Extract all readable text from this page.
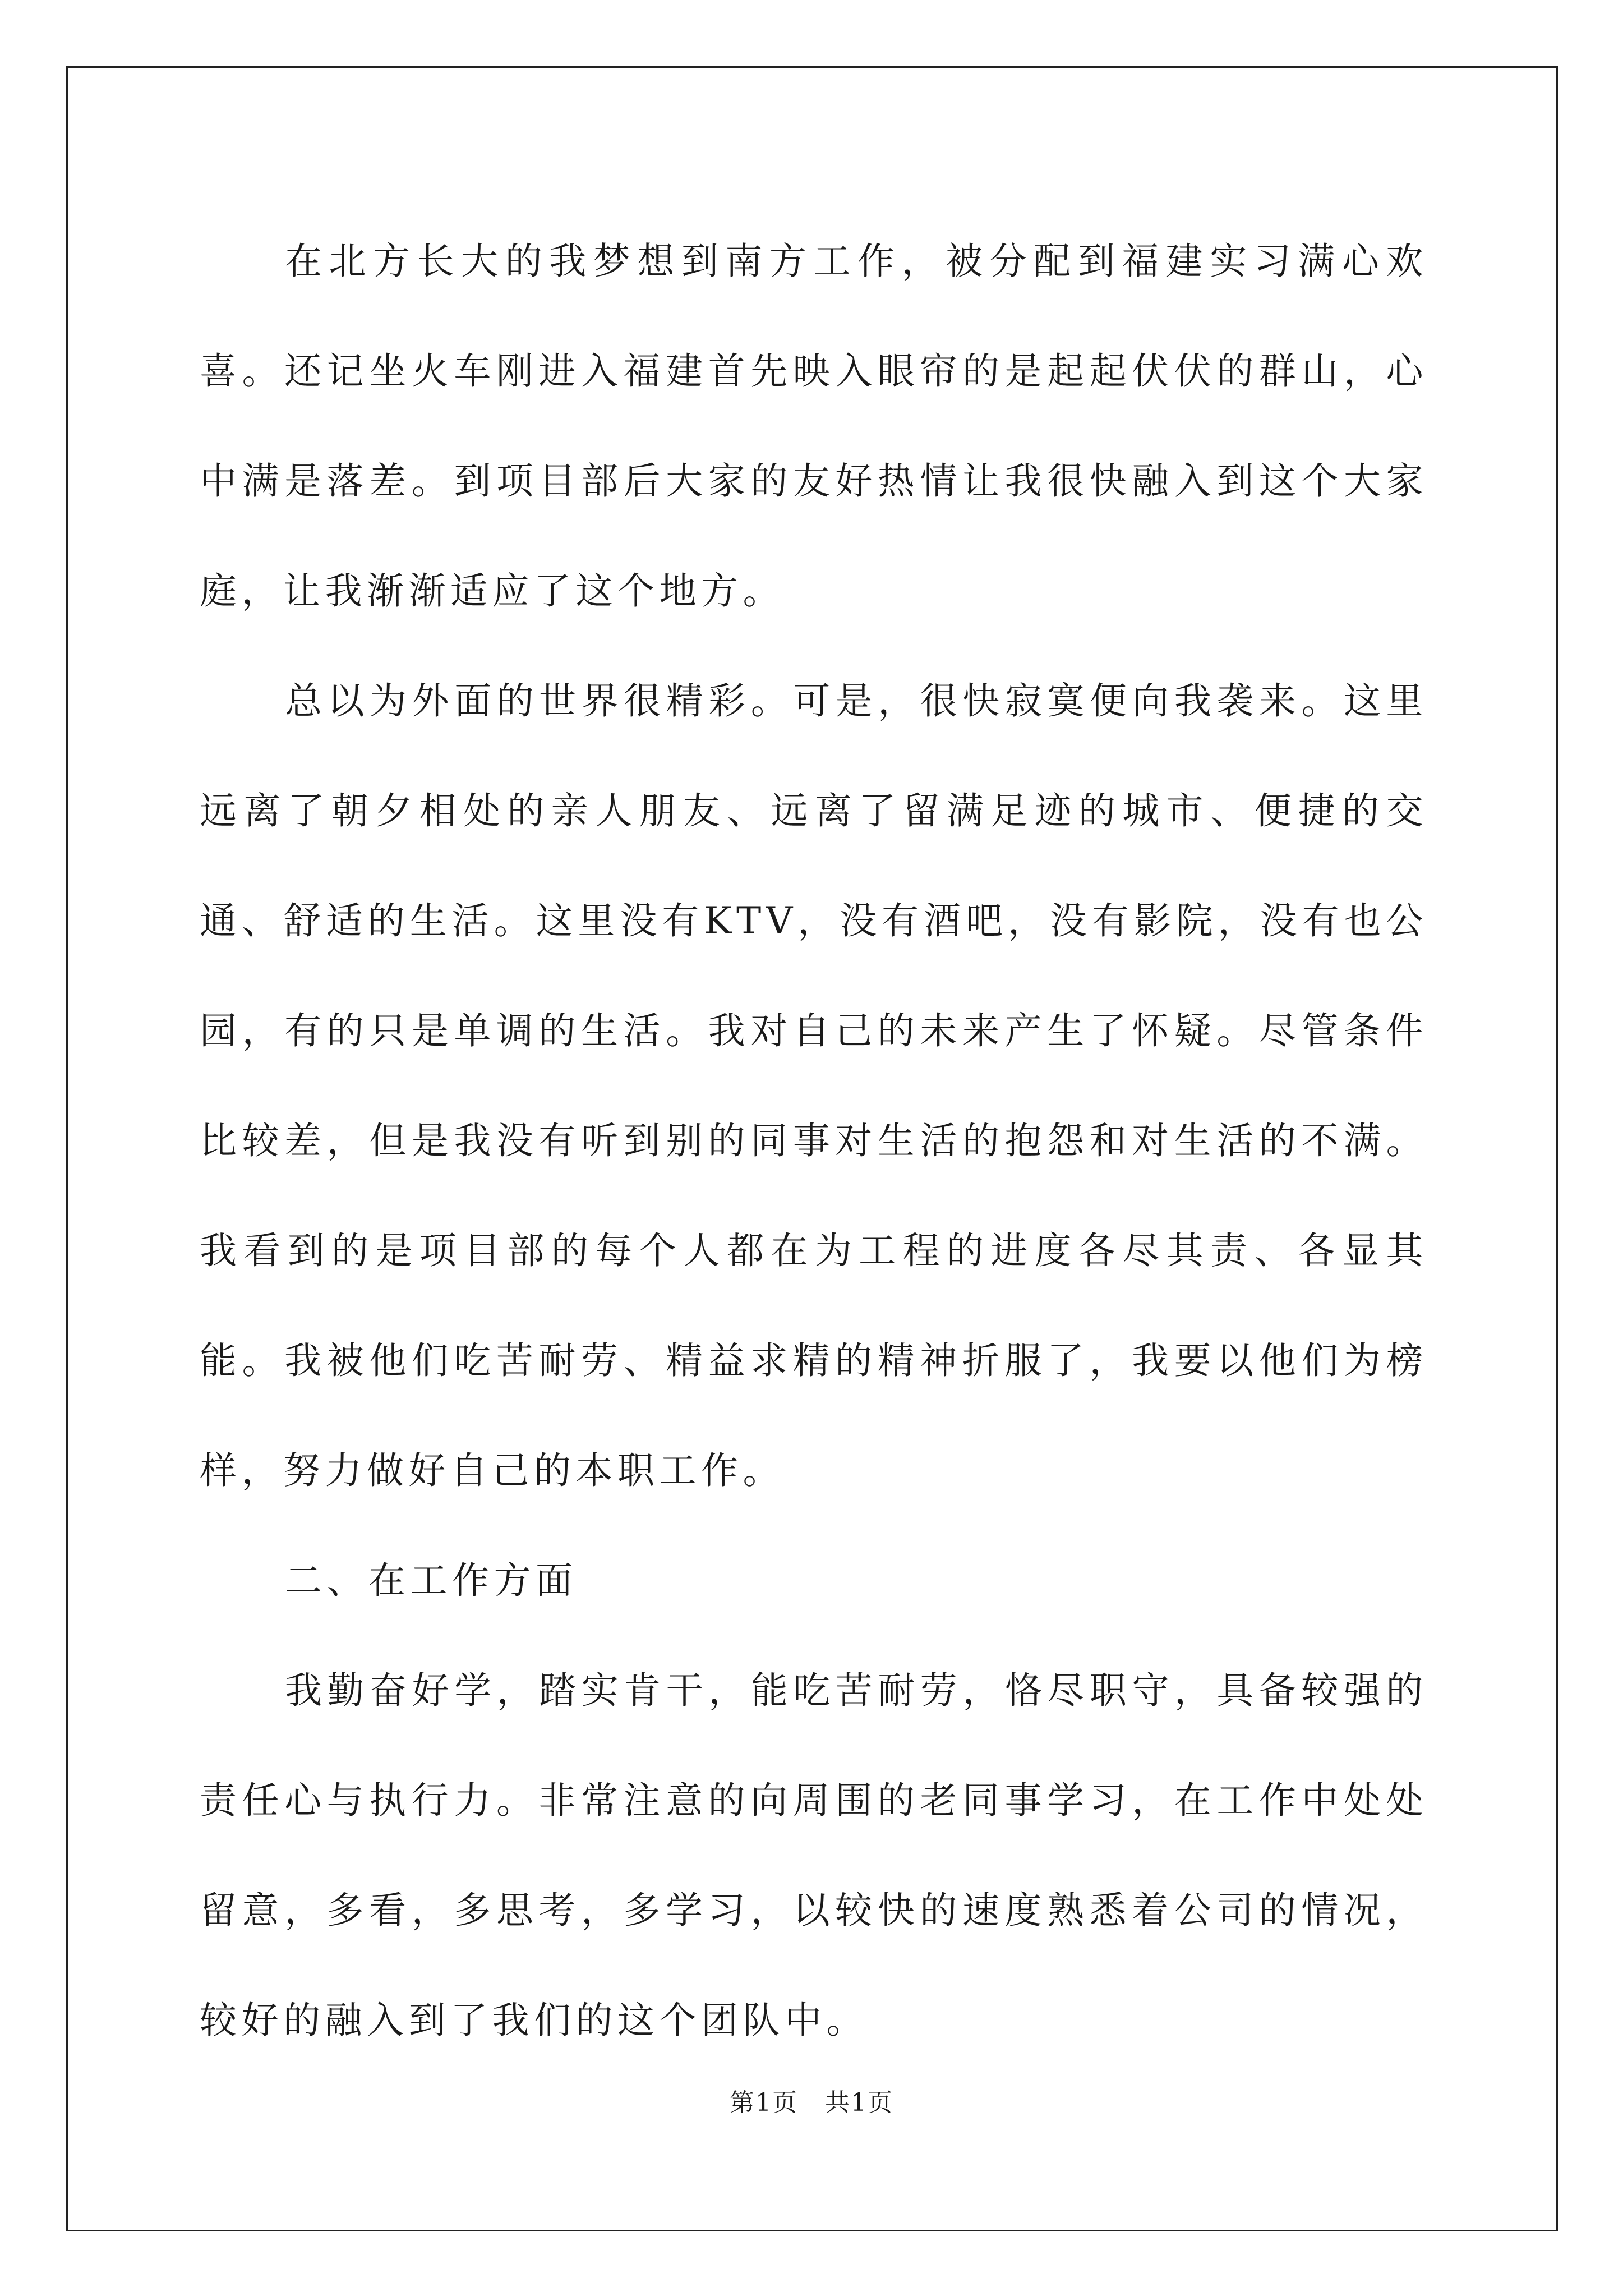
在北方长大的我梦想到南方工作，被分配到福建实习满心欢喜。还记坐火车刚进入福建首先映入眼帘的是起起伏伏的群山，心中满是落差。到项目部后大家的友好热情让我很快融入到这个大家庭，让我渐渐适应了这个地方。

总以为外面的世界很精彩。可是，很快寂寞便向我袭来。这里远离了朝夕相处的亲人朋友、远离了留满足迹的城市、便捷的交通、舒适的生活。这里没有KTV，没有酒吧，没有影院，没有也公园，有的只是单调的生活。我对自己的未来产生了怀疑。尽管条件比较差，但是我没有听到别的同事对生活的抱怨和对生活的不满。我看到的是项目部的每个人都在为工程的进度各尽其责、各显其能。我被他们吃苦耐劳、精益求精的精神折服了，我要以他们为榜样，努力做好自己的本职工作。

二、在工作方面

我勤奋好学，踏实肯干，能吃苦耐劳，恪尽职守，具备较强的责任心与执行力。非常注意的向周围的老同事学习，在工作中处处留意，多看，多思考，多学习，以较快的速度熟悉着公司的情况，较好的融入到了我们的这个团队中。

第1页 共1页
